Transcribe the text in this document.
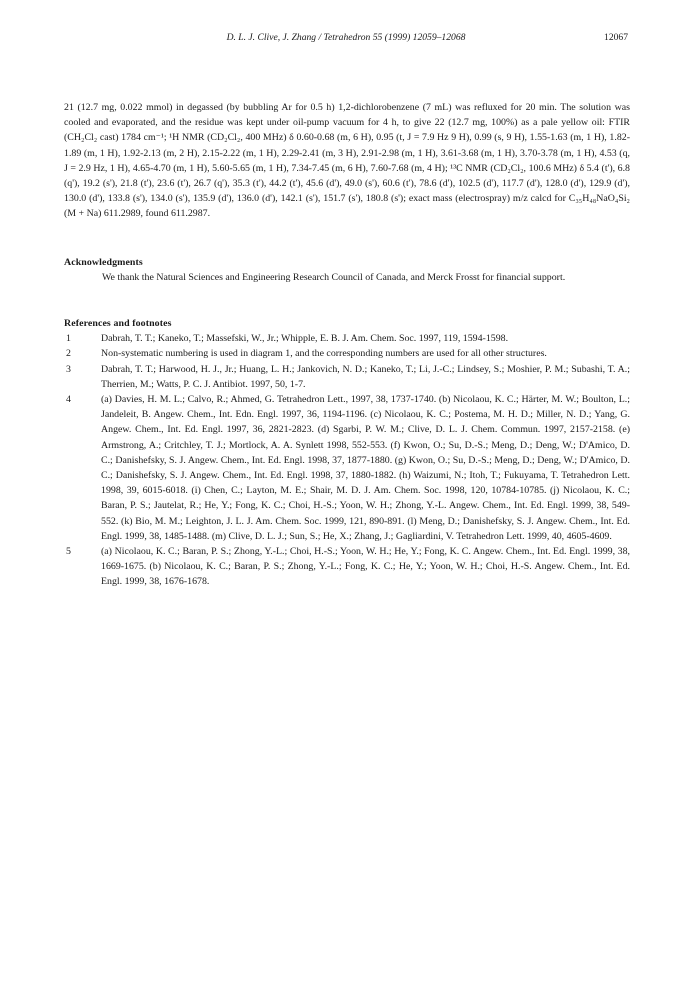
D. L. J. Clive, J. Zhang / Tetrahedron 55 (1999) 12059–12068	12067

21 (12.7 mg, 0.022 mmol) in degassed (by bubbling Ar for 0.5 h) 1,2-dichlorobenzene (7 mL) was refluxed for 20 min. The solution was cooled and evaporated, and the residue was kept under oil-pump vacuum for 4 h, to give 22 (12.7 mg, 100%) as a pale yellow oil: FTIR (CH₂Cl₂ cast) 1784 cm⁻¹; ¹H NMR (CD₂Cl₂, 400 MHz) δ 0.60-0.68 (m, 6 H), 0.95 (t, J = 7.9 Hz 9 H), 0.99 (s, 9 H), 1.55-1.63 (m, 1 H), 1.82-1.89 (m, 1 H), 1.92-2.13 (m, 2 H), 2.15-2.22 (m, 1 H), 2.29-2.41 (m, 3 H), 2.91-2.98 (m, 1 H), 3.61-3.68 (m, 1 H), 3.70-3.78 (m, 1 H), 4.53 (q, J = 2.9 Hz, 1 H), 4.65-4.70 (m, 1 H), 5.60-5.65 (m, 1 H), 7.34-7.45 (m, 6 H), 7.60-7.68 (m, 4 H); ¹³C NMR (CD₂Cl₂, 100.6 MHz) δ 5.4 (t'), 6.8 (q'), 19.2 (s'), 21.8 (t'), 23.6 (t'), 26.7 (q'), 35.3 (t'), 44.2 (t'), 45.6 (d'), 49.0 (s'), 60.6 (t'), 78.6 (d'), 102.5 (d'), 117.7 (d'), 128.0 (d'), 129.9 (d'), 130.0 (d'), 133.8 (s'), 134.0 (s'), 135.9 (d'), 136.0 (d'), 142.1 (s'), 151.7 (s'), 180.8 (s'); exact mass (electrospray) m/z calcd for C₃₅H₄₈NaO₄Si₂ (M + Na) 611.2989, found 611.2987.

Acknowledgments

We thank the Natural Sciences and Engineering Research Council of Canada, and Merck Frosst for financial support.

References and footnotes

1	Dabrah, T. T.; Kaneko, T.; Massefski, W., Jr.; Whipple, E. B. J. Am. Chem. Soc. 1997, 119, 1594-1598.
2	Non-systematic numbering is used in diagram 1, and the corresponding numbers are used for all other structures.
3	Dabrah, T. T.; Harwood, H. J., Jr.; Huang, L. H.; Jankovich, N. D.; Kaneko, T.; Li, J.-C.; Lindsey, S.; Moshier, P. M.; Subashi, T. A.; Therrien, M.; Watts, P. C. J. Antibiot. 1997, 50, 1-7.
4	(a) Davies, H. M. L.; Calvo, R.; Ahmed, G. Tetrahedron Lett., 1997, 38, 1737-1740. (b) Nicolaou, K. C.; Härter, M. W.; Boulton, L.; Jandeleit, B. Angew. Chem., Int. Edn. Engl. 1997, 36, 1194-1196. (c) Nicolaou, K. C.; Postema, M. H. D.; Miller, N. D.; Yang, G. Angew. Chem., Int. Ed. Engl. 1997, 36, 2821-2823. (d) Sgarbi, P. W. M.; Clive, D. L. J. Chem. Commun. 1997, 2157-2158. (e) Armstrong, A.; Critchley, T. J.; Mortlock, A. A. Synlett 1998, 552-553. (f) Kwon, O.; Su, D.-S.; Meng, D.; Deng, W.; D'Amico, D. C.; Danishefsky, S. J. Angew. Chem., Int. Ed. Engl. 1998, 37, 1877-1880. (g) Kwon, O.; Su, D.-S.; Meng, D.; Deng, W.; D'Amico, D. C.; Danishefsky, S. J. Angew. Chem., Int. Ed. Engl. 1998, 37, 1880-1882. (h) Waizumi, N.; Itoh, T.; Fukuyama, T. Tetrahedron Lett. 1998, 39, 6015-6018. (i) Chen, C.; Layton, M. E.; Shair, M. D. J. Am. Chem. Soc. 1998, 120, 10784-10785. (j) Nicolaou, K. C.; Baran, P. S.; Jautelat, R.; He, Y.; Fong, K. C.; Choi, H.-S.; Yoon, W. H.; Zhong, Y.-L. Angew. Chem., Int. Ed. Engl. 1999, 38, 549-552. (k) Bio, M. M.; Leighton, J. L. J. Am. Chem. Soc. 1999, 121, 890-891. (l) Meng, D.; Danishefsky, S. J. Angew. Chem., Int. Ed. Engl. 1999, 38, 1485-1488. (m) Clive, D. L. J.; Sun, S.; He, X.; Zhang, J.; Gagliardini, V. Tetrahedron Lett. 1999, 40, 4605-4609.
5	(a) Nicolaou, K. C.; Baran, P. S.; Zhong, Y.-L.; Choi, H.-S.; Yoon, W. H.; He, Y.; Fong, K. C. Angew. Chem., Int. Ed. Engl. 1999, 38, 1669-1675. (b) Nicolaou, K. C.; Baran, P. S.; Zhong, Y.-L.; Fong, K. C.; He, Y.; Yoon, W. H.; Choi, H.-S. Angew. Chem., Int. Ed. Engl. 1999, 38, 1676-1678.
